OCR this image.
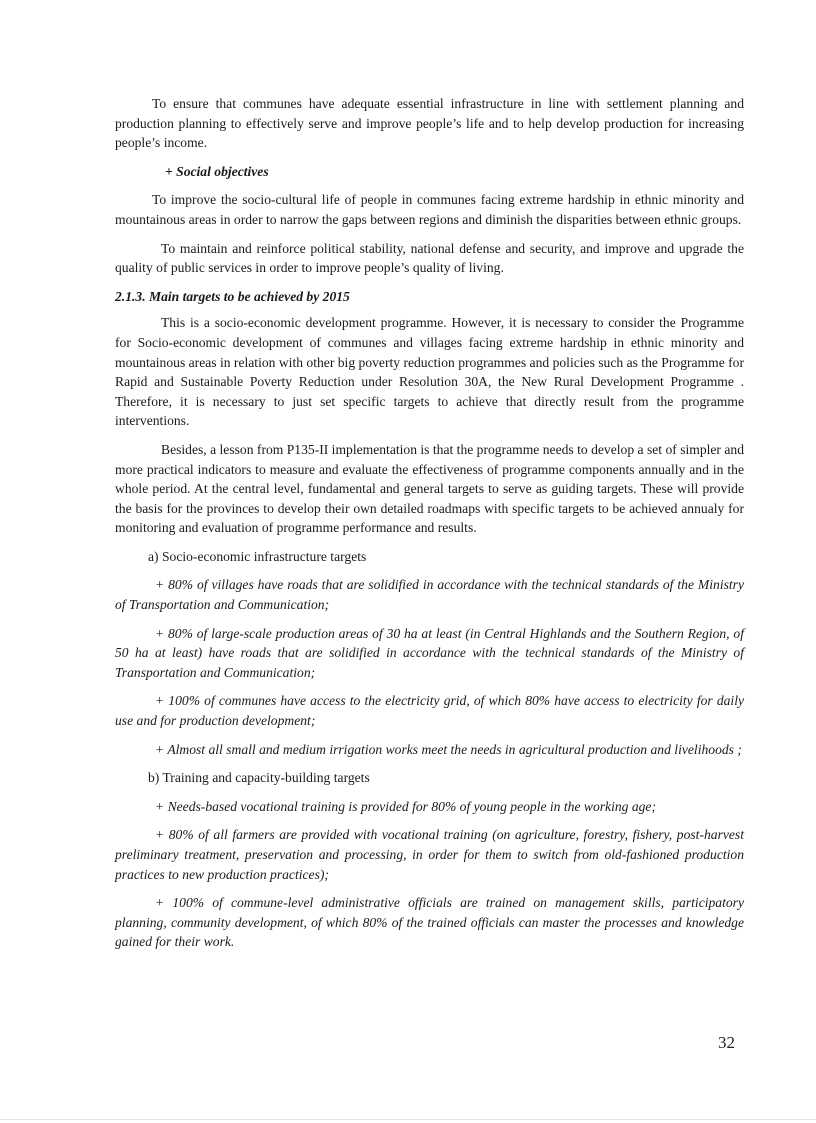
To ensure that communes have adequate essential infrastructure in line with settlement planning and production planning to effectively serve and improve people’s life and to help develop production for increasing people’s income.

+ Social objectives

To improve the socio-cultural life of people in communes facing extreme hardship in ethnic minority and mountainous areas in order to narrow the gaps between regions and diminish the disparities between ethnic groups.

To maintain and reinforce political stability, national defense and security, and improve and upgrade the quality of public services in order to improve people’s quality of living.

2.1.3. Main targets to be achieved by 2015

This is a socio-economic development programme. However, it is necessary to consider the Programme for Socio-economic development of communes and villages facing extreme hardship in ethnic minority and mountainous areas in relation with other big poverty reduction programmes and policies such as the Programme for Rapid and Sustainable Poverty Reduction under Resolution 30A, the New Rural Development Programme . Therefore, it is necessary to just set specific targets to achieve that directly result from the programme interventions.

Besides, a lesson from P135-II implementation is that the programme needs to develop a set of simpler and more practical indicators to measure and evaluate the effectiveness of programme components annually and in the whole period. At the central level, fundamental and general targets to serve as guiding targets. These will provide the basis for the provinces to develop their own detailed roadmaps with specific targets to be achieved annualy for monitoring and evaluation of programme performance and results.

a) Socio-economic infrastructure targets

+ 80% of villages have roads that are solidified in accordance with the technical standards of the Ministry of Transportation and Communication;

+ 80% of large-scale production areas of 30 ha at least (in Central Highlands and the Southern Region, of 50 ha at least) have roads that are solidified in accordance with the technical standards of the Ministry of Transportation and Communication;

+ 100% of communes have access to the electricity grid, of which 80% have access to electricity for daily use and for production development;

+ Almost all small and medium irrigation works meet the needs in agricultural production and livelihoods ;

b) Training and capacity-building targets

+ Needs-based vocational training is provided for 80% of young people in the working age;

+ 80% of all farmers are provided with vocational training (on agriculture, forestry, fishery, post-harvest preliminary treatment, preservation and processing, in order for them to switch from old-fashioned production practices to new production practices);

+ 100% of commune-level administrative officials are trained on management skills, participatory planning, community development, of which 80% of the trained officials can master the processes and knowledge gained for their work.

32
